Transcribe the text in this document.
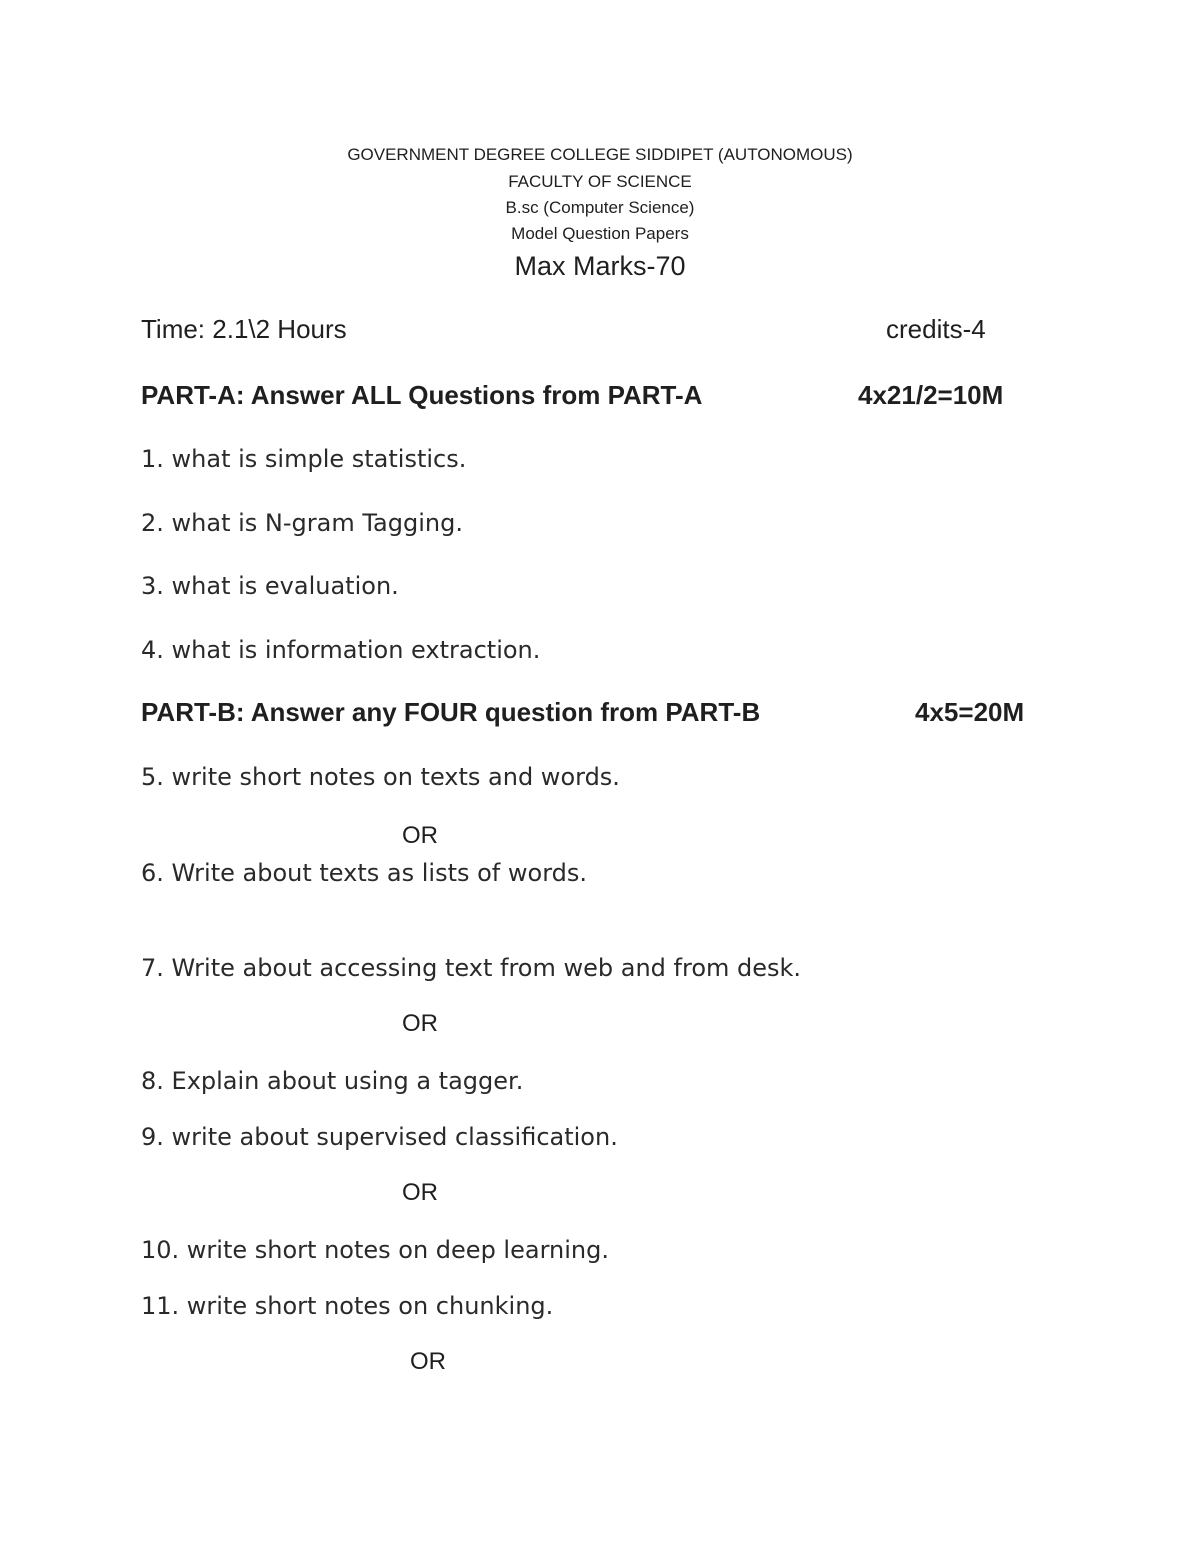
GOVERNMENT DEGREE COLLEGE SIDDIPET (AUTONOMOUS)
FACULTY OF SCIENCE
B.sc (Computer Science)
Model Question Papers
Max Marks-70
Time: 2.1\2 Hours	credits-4
PART-A: Answer ALL Questions from PART-A	4x21/2=10M
1. what is simple statistics.
2. what is N-gram Tagging.
3. what is evaluation.
4. what is information extraction.
PART-B: Answer any FOUR question from PART-B	4x5=20M
5. write short notes on texts and words.
OR
6. Write about texts as lists of words.
7. Write about accessing text from web and from desk.
OR
8. Explain about using a tagger.
9. write about supervised classification.
OR
10. write short notes on deep learning.
11. write short notes on chunking.
OR
